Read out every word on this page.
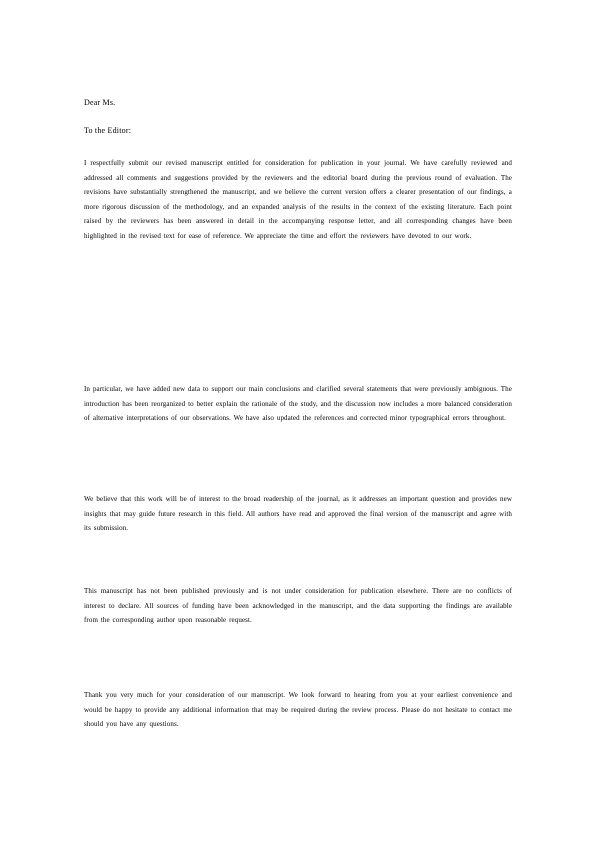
Dear Ms.
To the Editor:

I respectfully submit our revised manuscript entitled for consideration for publication in your journal. We have carefully reviewed and addressed all comments and suggestions provided by the reviewers and the editorial board during the previous round of evaluation. The revisions have substantially strengthened the manuscript, and we believe the current version offers a clearer presentation of our findings, a more rigorous discussion of the methodology, and an expanded analysis of the results in the context of the existing literature. Each point raised by the reviewers has been answered in detail in the accompanying response letter, and all corresponding changes have been highlighted in the revised text for ease of reference. We appreciate the time and effort the reviewers have devoted to our work.

In particular, we have added new data to support our main conclusions and clarified several statements that were previously ambiguous. The introduction has been reorganized to better explain the rationale of the study, and the discussion now includes a more balanced consideration of alternative interpretations of our observations. We have also updated the references and corrected minor typographical errors throughout.

We believe that this work will be of interest to the broad readership of the journal, as it addresses an important question and provides new insights that may guide future research in this field. All authors have read and approved the final version of the manuscript and agree with its submission.

This manuscript has not been published previously and is not under consideration for publication elsewhere. There are no conflicts of interest to declare. All sources of funding have been acknowledged in the manuscript, and the data supporting the findings are available from the corresponding author upon reasonable request.

Thank you very much for your consideration of our manuscript. We look forward to hearing from you at your earliest convenience and would be happy to provide any additional information that may be required during the review process. Please do not hesitate to contact me should you have any questions.
